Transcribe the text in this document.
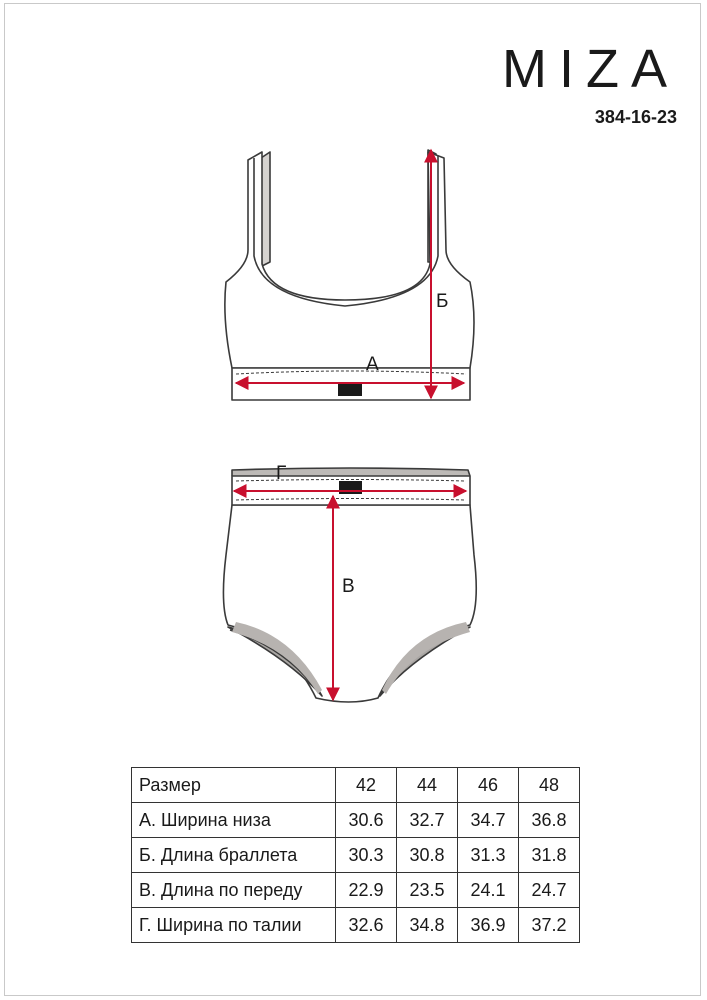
MIZA
384-16-23
А
Б
Г
В
Размер	42	44	46	48
А. Ширина низа	30.6	32.7	34.7	36.8
Б. Длина браллета	30.3	30.8	31.3	31.8
В. Длина по переду	22.9	23.5	24.1	24.7
Г. Ширина по талии	32.6	34.8	36.9	37.2
